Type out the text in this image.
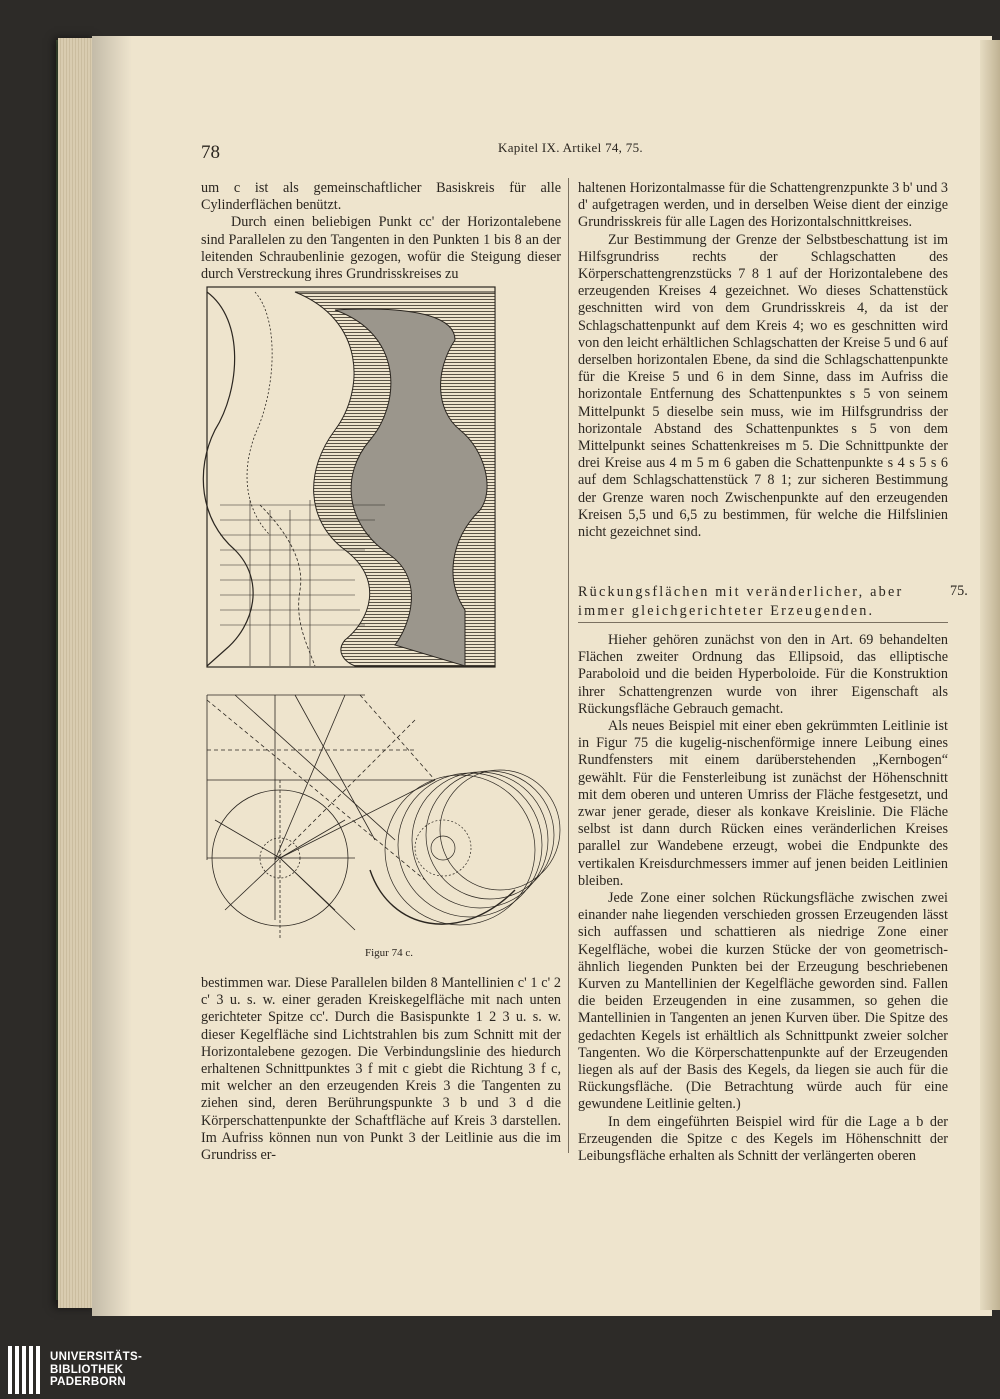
78	Kapitel IX. Artikel 74, 75.

um c ist als gemeinschaftlicher Basiskreis für alle Cylinderflächen benützt.

Durch einen beliebigen Punkt cc' der Horizontalebene sind Parallelen zu den Tangenten in den Punkten 1 bis 8 an der leitenden Schraubenlinie gezogen, wofür die Steigung dieser durch Verstreckung ihres Grundrisskreises zu

Figur 74 c.

bestimmen war. Diese Parallelen bilden 8 Mantellinien c' 1 c' 2 c' 3 u. s. w. einer geraden Kreiskegelfläche mit nach unten gerichteter Spitze cc'. Durch die Basispunkte 1 2 3 u. s. w. dieser Kegelfläche sind Lichtstrahlen bis zum Schnitt mit der Horizontalebene gezogen. Die Verbindungslinie des hiedurch erhaltenen Schnittpunktes 3 f mit c giebt die Richtung 3 f c, mit welcher an den erzeugenden Kreis 3 die Tangenten zu ziehen sind, deren Berührungspunkte 3 b und 3 d die Körperschattenpunkte der Schaftfläche auf Kreis 3 darstellen. Im Aufriss können nun von Punkt 3 der Leitlinie aus die im Grundriss er-

haltenen Horizontalmasse für die Schattengrenzpunkte 3 b' und 3 d' aufgetragen werden, und in derselben Weise dient der einzige Grundrisskreis für alle Lagen des Horizontalschnittkreises.

Zur Bestimmung der Grenze der Selbstbeschattung ist im Hilfsgrundriss rechts der Schlagschatten des Körperschattengrenzstücks 7 8 1 auf der Horizontalebene des erzeugenden Kreises 4 gezeichnet. Wo dieses Schattenstück geschnitten wird von dem Grundrisskreis 4, da ist der Schlagschattenpunkt auf dem Kreis 4; wo es geschnitten wird von den leicht erhältlichen Schlagschatten der Kreise 5 und 6 auf derselben horizontalen Ebene, da sind die Schlagschattenpunkte für die Kreise 5 und 6 in dem Sinne, dass im Aufriss die horizontale Entfernung des Schattenpunktes s 5 von seinem Mittelpunkt 5 dieselbe sein muss, wie im Hilfsgrundriss der horizontale Abstand des Schattenpunktes s 5 von dem Mittelpunkt seines Schattenkreises m 5. Die Schnittpunkte der drei Kreise aus 4 m 5 m 6 gaben die Schattenpunkte s 4 s 5 s 6 auf dem Schlagschattenstück 7 8 1; zur sicheren Bestimmung der Grenze waren noch Zwischenpunkte auf den erzeugenden Kreisen 5,5 und 6,5 zu bestimmen, für welche die Hilfslinien nicht gezeichnet sind.

Rückungsflächen mit veränderlicher, aber immer gleichgerichteter Erzeugenden.
75.

Hieher gehören zunächst von den in Art. 69 behandelten Flächen zweiter Ordnung das Ellipsoid, das elliptische Paraboloid und die beiden Hyperboloide. Für die Konstruktion ihrer Schattengrenzen wurde von ihrer Eigenschaft als Rückungsfläche Gebrauch gemacht.

Als neues Beispiel mit einer eben gekrümmten Leitlinie ist in Figur 75 die kugelig-nischenförmige innere Leibung eines Rundfensters mit einem darüberstehenden „Kernbogen“ gewählt. Für die Fensterleibung ist zunächst der Höhenschnitt mit dem oberen und unteren Umriss der Fläche festgesetzt, und zwar jener gerade, dieser als konkave Kreislinie. Die Fläche selbst ist dann durch Rücken eines veränderlichen Kreises parallel zur Wandebene erzeugt, wobei die Endpunkte des vertikalen Kreisdurchmessers immer auf jenen beiden Leitlinien bleiben.

Jede Zone einer solchen Rückungsfläche zwischen zwei einander nahe liegenden verschieden grossen Erzeugenden lässt sich auffassen und schattieren als niedrige Zone einer Kegelfläche, wobei die kurzen Stücke der von geometrisch-ähnlich liegenden Punkten bei der Erzeugung beschriebenen Kurven zu Mantellinien der Kegelfläche geworden sind. Fallen die beiden Erzeugenden in eine zusammen, so gehen die Mantellinien in Tangenten an jenen Kurven über. Die Spitze des gedachten Kegels ist erhältlich als Schnittpunkt zweier solcher Tangenten. Wo die Körperschattenpunkte auf der Erzeugenden liegen als auf der Basis des Kegels, da liegen sie auch für die Rückungsfläche. (Die Betrachtung würde auch für eine gewundene Leitlinie gelten.)

In dem eingeführten Beispiel wird für die Lage a b der Erzeugenden die Spitze c des Kegels im Höhenschnitt der Leibungsfläche erhalten als Schnitt der verlängerten oberen

UNIVERSITÄTS-
BIBLIOTHEK
PADERBORN
